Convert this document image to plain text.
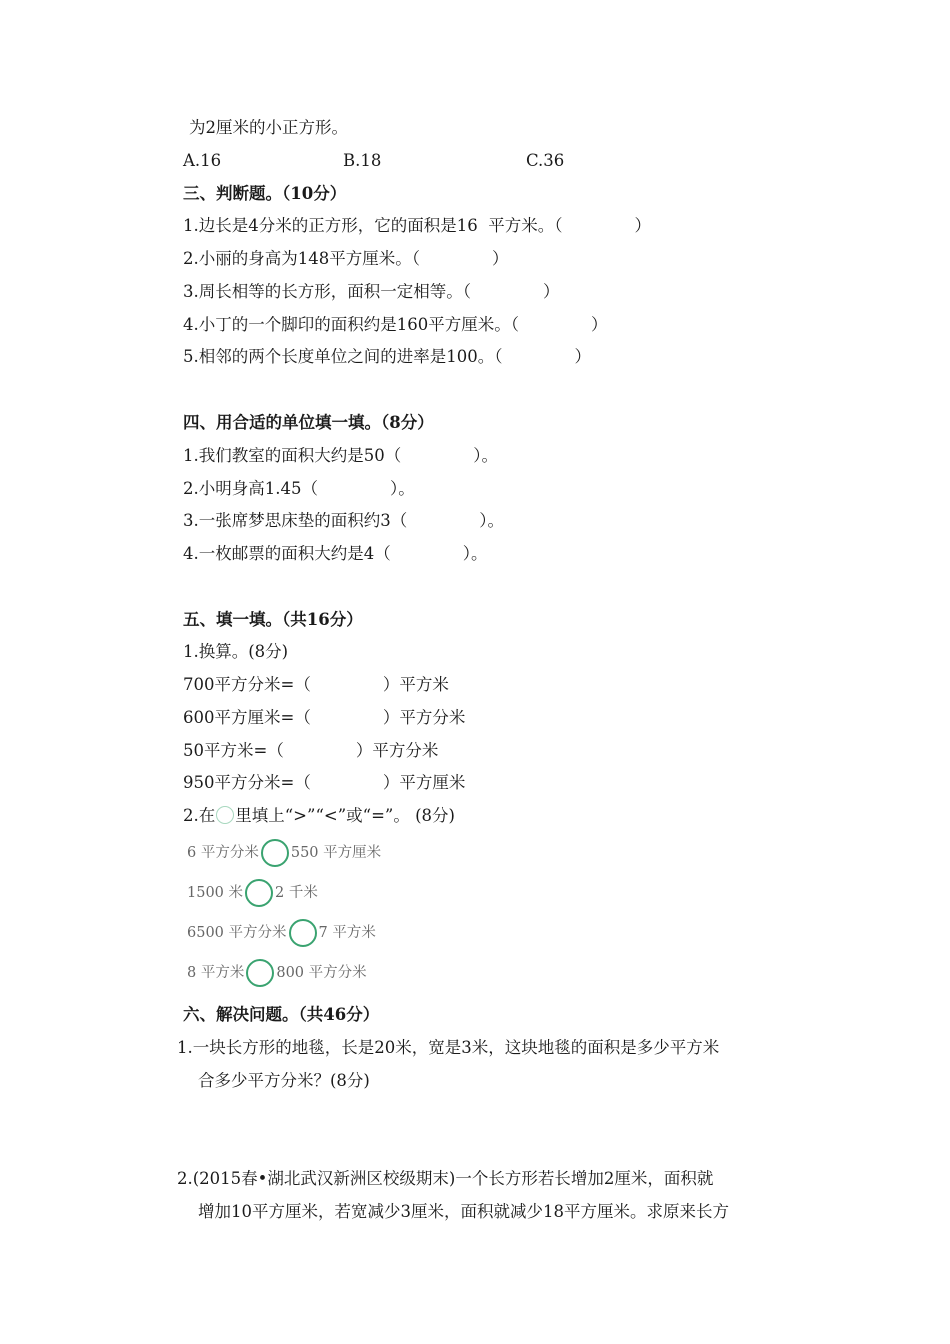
为2厘米的小正方形。
A.16	B.18	C.36
三、判断题。（10分）
1.边长是4分米的正方形，它的面积是16  平方米。（	）
2.小丽的身高为148平方厘米。（	）
3.周长相等的长方形，面积一定相等。（	）
4.小丁的一个脚印的面积约是160平方厘米。（	）
5.相邻的两个长度单位之间的进率是100。（	）
四、用合适的单位填一填。（8分）
1.我们教室的面积大约是50（	）。
2.小明身高1.45（	）。
3.一张席梦思床垫的面积约3（	）。
4.一枚邮票的面积大约是4（	）。
五、填一填。（共16分）
1.换算。(8分)
700平方分米=（	）平方米
600平方厘米=（	）平方分米
50平方米=（	）平方分米
950平方分米=（	）平方厘米
2.在 里填上“>”“<”或“=”。 (8分)
6 平方分米 550 平方厘米
1500 米 2 千米
6500 平方分米 7 平方米
8 平方米 800 平方分米
六、解决问题。（共46分）
1.一块长方形的地毯，长是20米，宽是3米，这块地毯的面积是多少平方米
合多少平方分米？(8分)
2.(2015春•湖北武汉新洲区校级期末)一个长方形若长增加2厘米，面积就
增加10平方厘米，若宽减少3厘米，面积就减少18平方厘米。求原来长方
